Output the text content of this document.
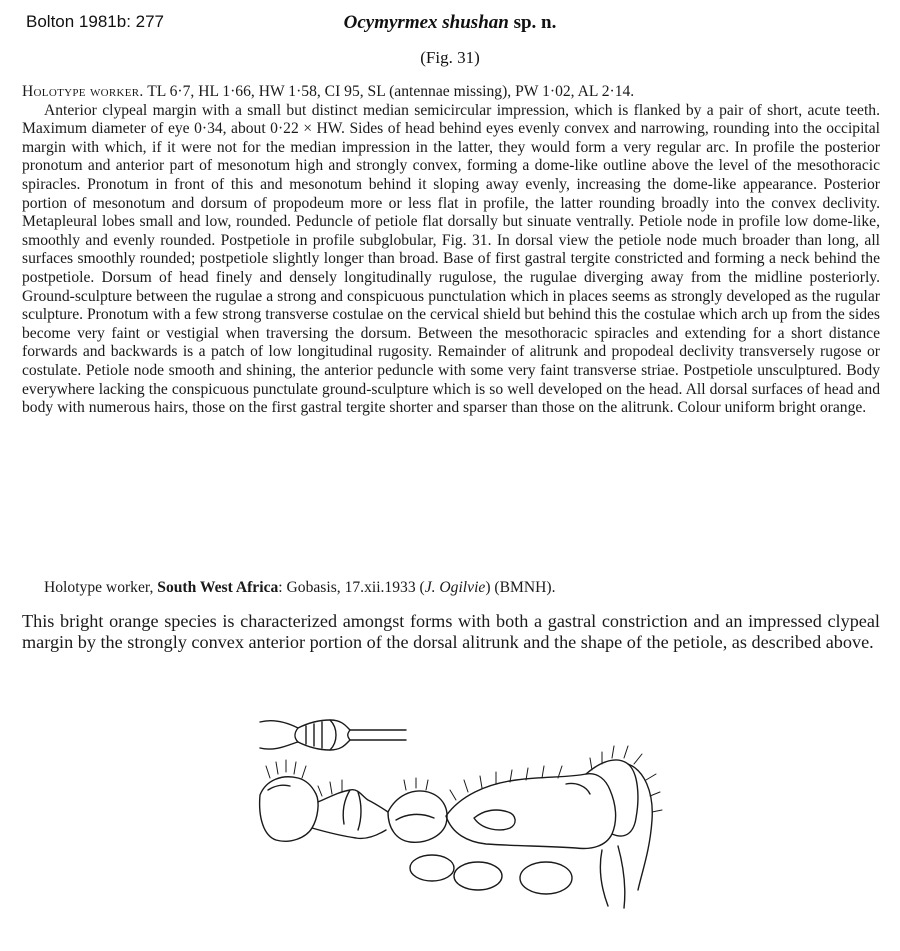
Bolton 1981b: 277	Ocymyrmex shushan sp. n.
(Fig. 31)

Holotype worker. TL 6·7, HL 1·66, HW 1·58, CI 95, SL (antennae missing), PW 1·02, AL 2·14.

Anterior clypeal margin with a small but distinct median semicircular impression, which is flanked by a pair of short, acute teeth. Maximum diameter of eye 0·34, about 0·22 × HW. Sides of head behind eyes evenly convex and narrowing, rounding into the occipital margin with which, if it were not for the median impression in the latter, they would form a very regular arc. In profile the posterior pronotum and anterior part of mesonotum high and strongly convex, forming a dome-like outline above the level of the mesothoracic spiracles. Pronotum in front of this and mesonotum behind it sloping away evenly, increasing the dome-like appearance. Posterior portion of mesonotum and dorsum of propodeum more or less flat in profile, the latter rounding broadly into the convex declivity. Metapleural lobes small and low, rounded. Peduncle of petiole flat dorsally but sinuate ventrally. Petiole node in profile low dome-like, smoothly and evenly rounded. Postpetiole in profile subglobular, Fig. 31. In dorsal view the petiole node much broader than long, all surfaces smoothly rounded; postpetiole slightly longer than broad. Base of first gastral tergite constricted and forming a neck behind the postpetiole. Dorsum of head finely and densely longitudinally rugulose, the rugulae diverging away from the midline posteriorly. Ground-sculpture between the rugulae a strong and conspicuous punctulation which in places seems as strongly developed as the rugular sculpture. Pronotum with a few strong transverse costulae on the cervical shield but behind this the costulae which arch up from the sides become very faint or vestigial when traversing the dorsum. Between the mesothoracic spiracles and extending for a short distance forwards and backwards is a patch of low longitudinal rugosity. Remainder of alitrunk and propodeal declivity transversely rugose or costulate. Petiole node smooth and shining, the anterior peduncle with some very faint transverse striae. Postpetiole unsculptured. Body everywhere lacking the conspicuous punctulate ground-sculpture which is so well developed on the head. All dorsal surfaces of head and body with numerous hairs, those on the first gastral tergite shorter and sparser than those on the alitrunk. Colour uniform bright orange.

Holotype worker, South West Africa: Gobasis, 17.xii.1933 (J. Ogilvie) (BMNH).
This bright orange species is characterized amongst forms with both a gastral constriction and an impressed clypeal margin by the strongly convex anterior portion of the dorsal alitrunk and the shape of the petiole, as described above.
